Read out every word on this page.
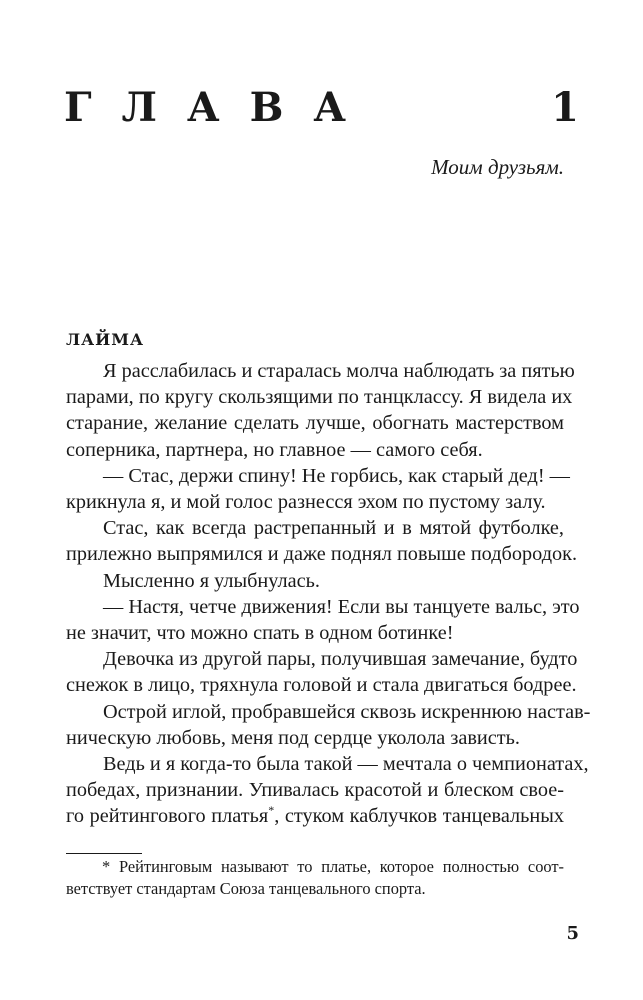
ГЛАВА	1
Моим друзьям.
ЛАЙМА
Я расслабилась и старалась молча наблюдать за пятью
парами, по кругу скользящими по танцклассу. Я видела их
старание, желание сделать лучше, обогнать мастерством
соперника, партнера, но главное — самого себя.
— Стас, держи спину! Не горбись, как старый дед! —
крикнула я, и мой голос разнесся эхом по пустому залу.
Стас, как всегда растрепанный и в мятой футболке,
прилежно выпрямился и даже поднял повыше подбородок.
Мысленно я улыбнулась.
— Настя, четче движения! Если вы танцуете вальс, это
не значит, что можно спать в одном ботинке!
Девочка из другой пары, получившая замечание, будто
снежок в лицо, тряхнула головой и стала двигаться бодрее.
Острой иглой, пробравшейся сквозь искреннюю настав-
ническую любовь, меня под сердце уколола зависть.
Ведь и я когда-то была такой — мечтала о чемпионатах,
победах, признании. Упивалась красотой и блеском свое-
го рейтингового платья*, стуком каблучков танцевальных
* Рейтинговым называют то платье, которое полностью соот-
ветствует стандартам Союза танцевального спорта.
5
